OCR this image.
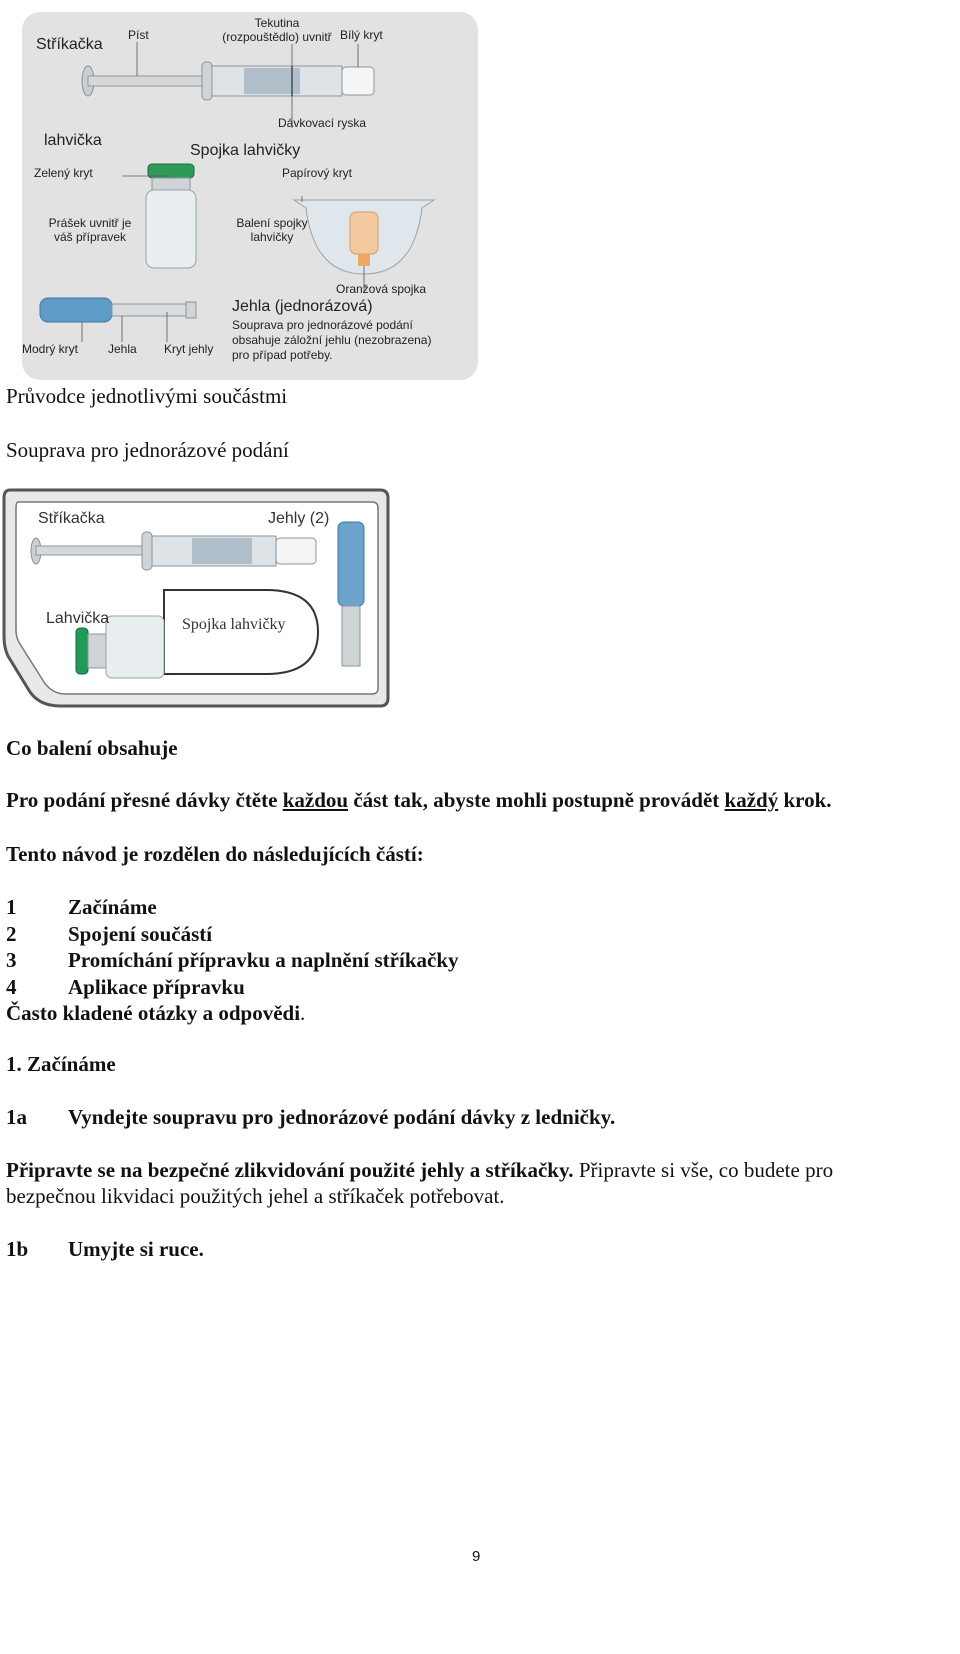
Stříkačka
Píst
Tekutina
(rozpouštědlo) uvnitř Bílý kryt
Dávkovací ryska
lahvička
Spojka lahvičky
Zelený kryt	Papírový kryt
Prášek uvnitř je
váš přípravek
Balení spojky
lahvičky
Oranžová spojka
Jehla (jednorázová)
Souprava pro jednorázové podání
obsahuje záložní jehlu (nezobrazena)
pro případ potřeby.
Modrý kryt Jehla Kryt jehly
Průvodce jednotlivými součástmi
Souprava pro jednorázové podání
Stříkačka	Jehly (2)
Lahvička	Spojka lahvičky
Co balení obsahuje
Pro podání přesné dávky čtěte každou část tak, abyste mohli postupně provádět každý krok.
Tento návod je rozdělen do následujících částí:
1 Začínáme
2 Spojení součástí
3 Promíchání přípravku a naplnění stříkačky
4 Aplikace přípravku
Často kladené otázky a odpovědi.
1. Začínáme
1a Vyndejte soupravu pro jednorázové podání dávky z ledničky.
Připravte se na bezpečné zlikvidování použité jehly a stříkačky. Připravte si vše, co budete pro
bezpečnou likvidaci použitých jehel a stříkaček potřebovat.
1b Umyjte si ruce.
9
